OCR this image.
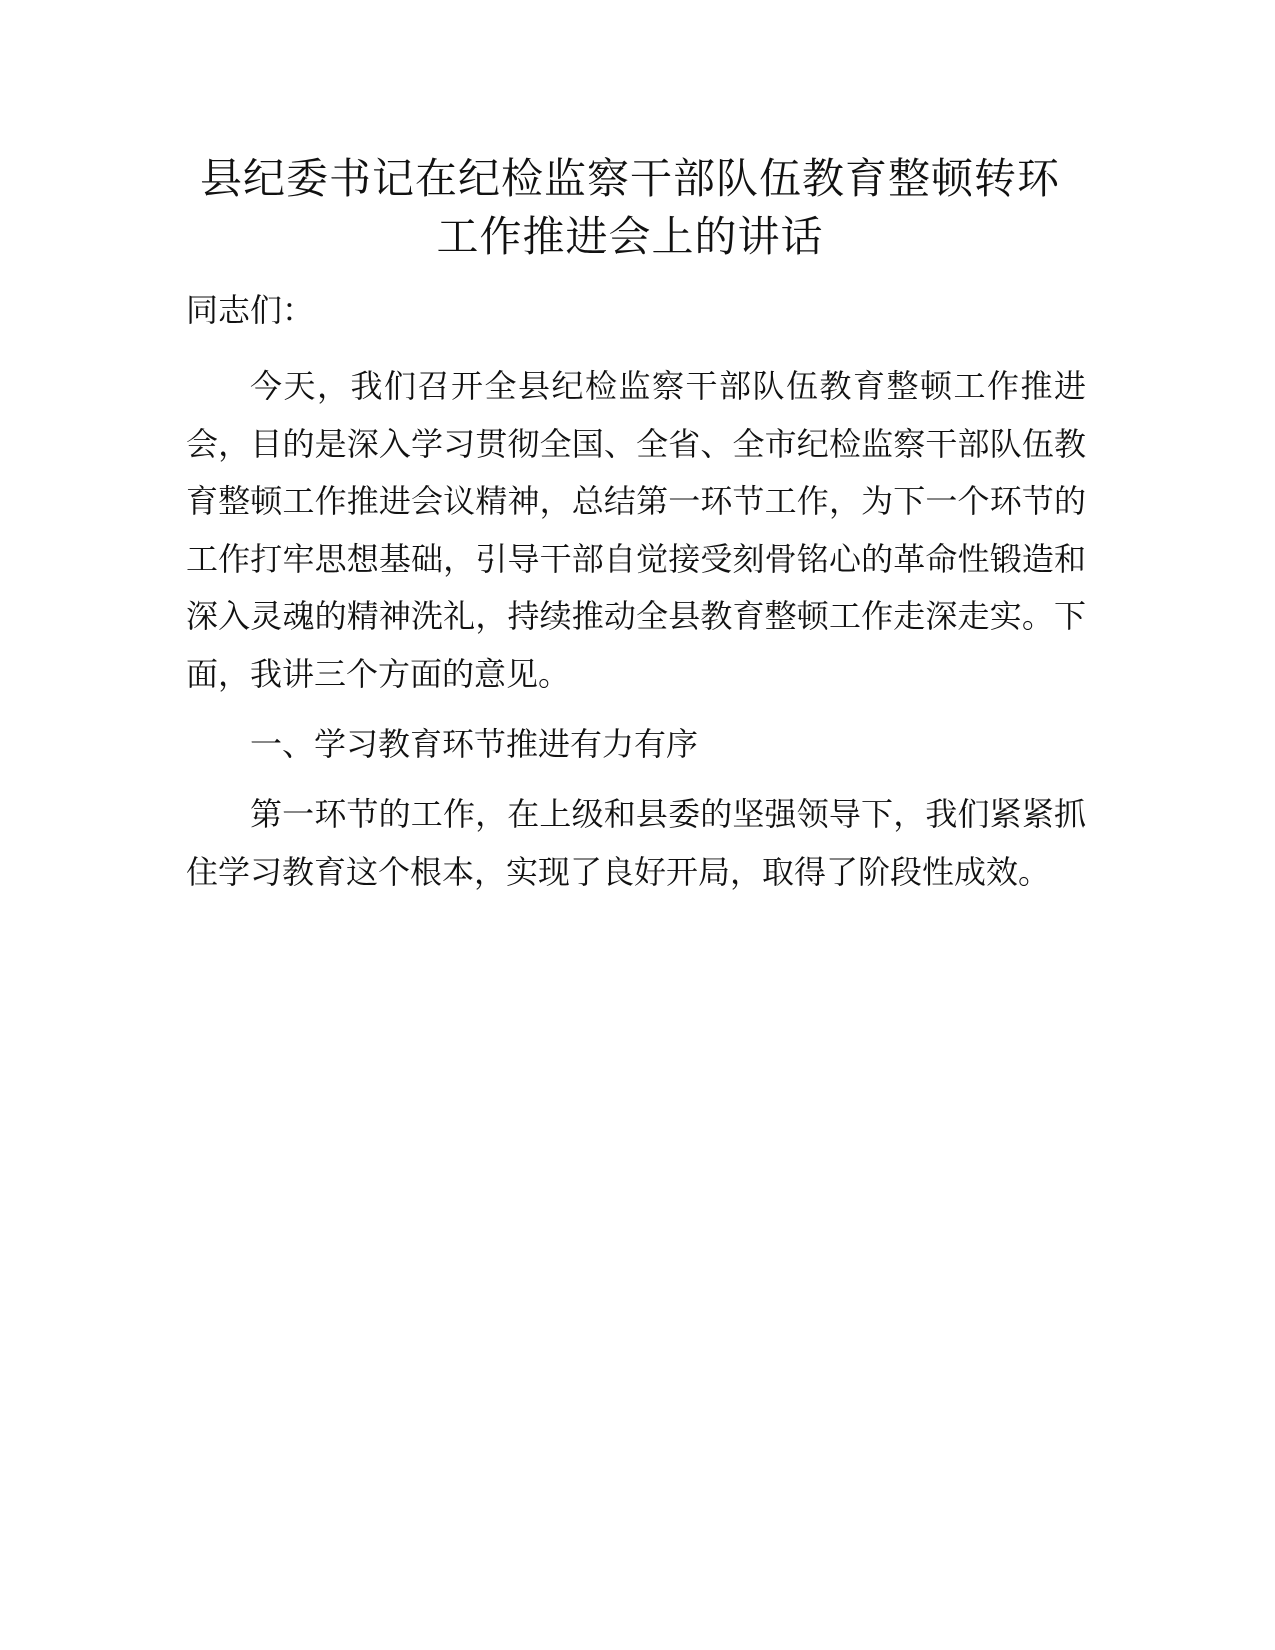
县纪委书记在纪检监察干部队伍教育整顿转环
工作推进会上的讲话

同志们：

今天，我们召开全县纪检监察干部队伍教育整顿工作推进会，目的是深入学习贯彻全国、全省、全市纪检监察干部队伍教育整顿工作推进会议精神，总结第一环节工作，为下一个环节的工作打牢思想基础，引导干部自觉接受刻骨铭心的革命性锻造和深入灵魂的精神洗礼，持续推动全县教育整顿工作走深走实。下面，我讲三个方面的意见。

一、学习教育环节推进有力有序

第一环节的工作，在上级和县委的坚强领导下，我们紧紧抓住学习教育这个根本，实现了良好开局，取得了阶段性成效。
